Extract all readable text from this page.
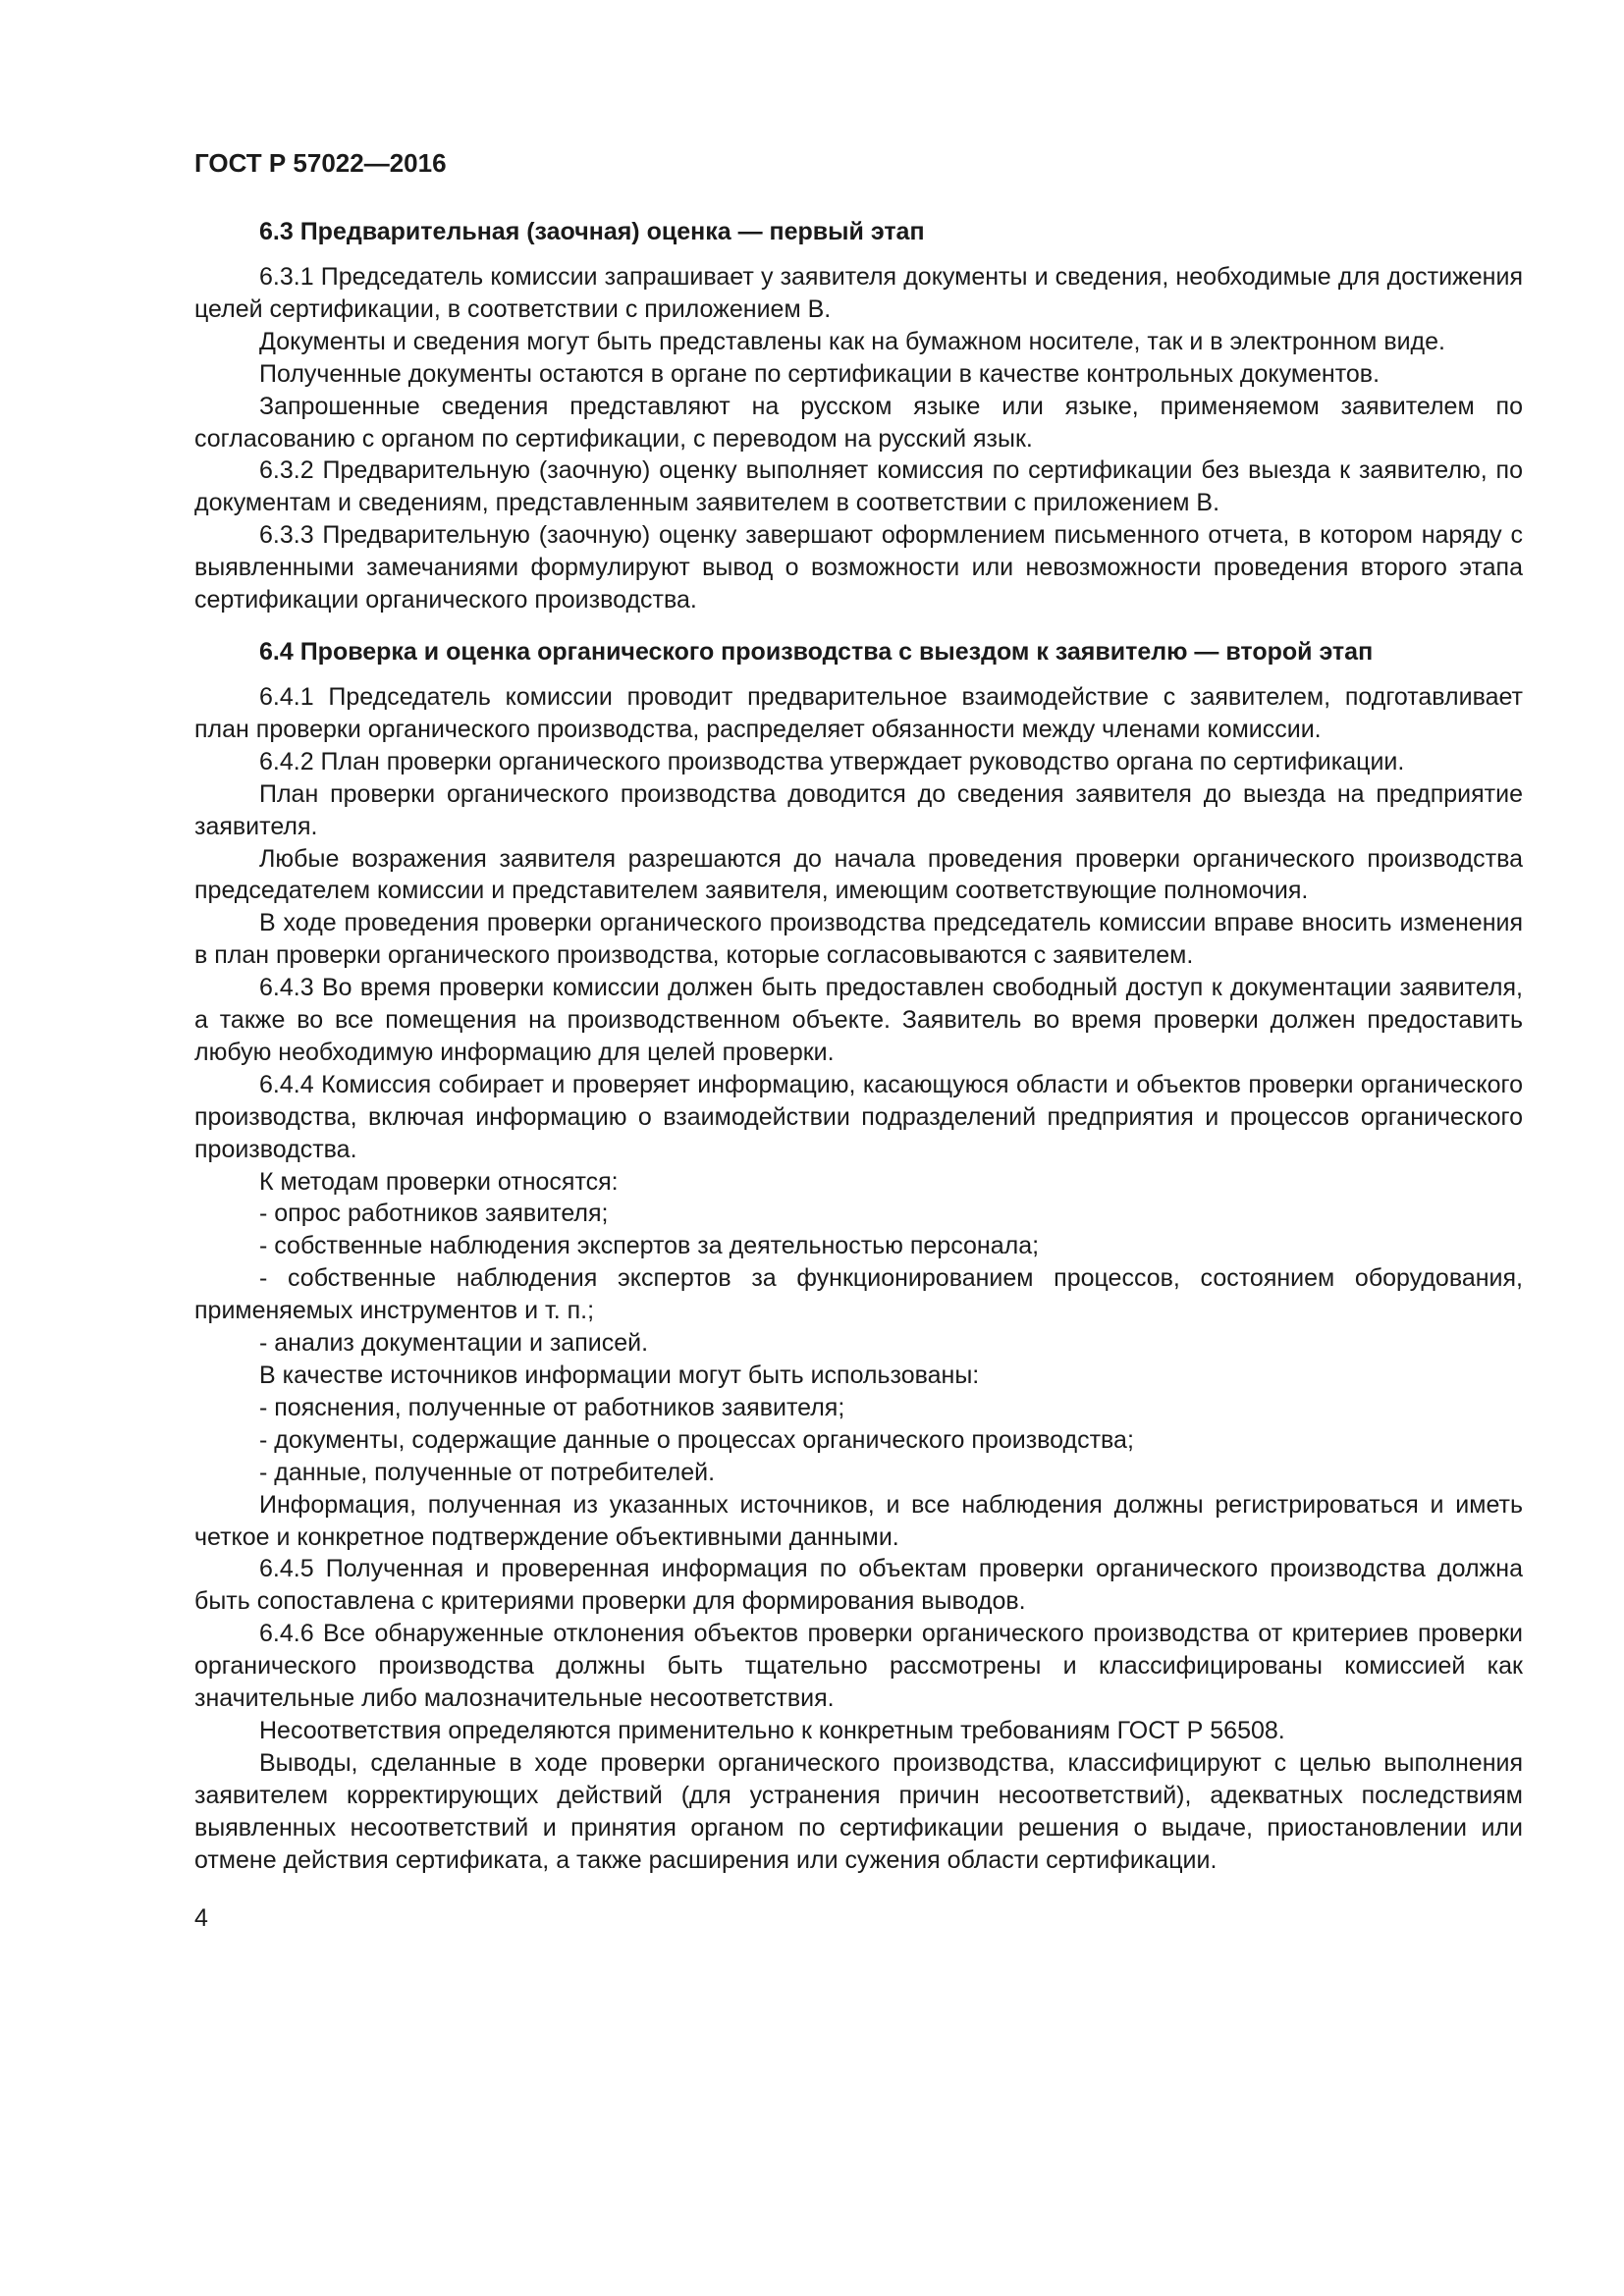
ГОСТ Р 57022—2016
6.3 Предварительная (заочная) оценка — первый этап

6.3.1 Председатель комиссии запрашивает у заявителя документы и сведения, необходимые для достижения целей сертификации, в соответствии с приложением В.

Документы и сведения могут быть представлены как на бумажном носителе, так и в электронном виде.

Полученные документы остаются в органе по сертификации в качестве контрольных документов.

Запрошенные сведения представляют на русском языке или языке, применяемом заявителем по согласованию с органом по сертификации, с переводом на русский язык.

6.3.2 Предварительную (заочную) оценку выполняет комиссия по сертификации без выезда к заявителю, по документам и сведениям, представленным заявителем в соответствии с приложением В.

6.3.3 Предварительную (заочную) оценку завершают оформлением письменного отчета, в котором наряду с выявленными замечаниями формулируют вывод о возможности или невозможности проведения второго этапа сертификации органического производства.

6.4 Проверка и оценка органического производства с выездом к заявителю — второй этап

6.4.1 Председатель комиссии проводит предварительное взаимодействие с заявителем, подготавливает план проверки органического производства, распределяет обязанности между членами комиссии.

6.4.2 План проверки органического производства утверждает руководство органа по сертификации.

План проверки органического производства доводится до сведения заявителя до выезда на предприятие заявителя.

Любые возражения заявителя разрешаются до начала проведения проверки органического производства председателем комиссии и представителем заявителя, имеющим соответствующие полномочия.

В ходе проведения проверки органического производства председатель комиссии вправе вносить изменения в план проверки органического производства, которые согласовываются с заявителем.

6.4.3 Во время проверки комиссии должен быть предоставлен свободный доступ к документации заявителя, а также во все помещения на производственном объекте. Заявитель во время проверки должен предоставить любую необходимую информацию для целей проверки.

6.4.4 Комиссия собирает и проверяет информацию, касающуюся области и объектов проверки органического производства, включая информацию о взаимодействии подразделений предприятия и процессов органического производства.

К методам проверки относятся:

- опрос работников заявителя;

- собственные наблюдения экспертов за деятельностью персонала;

- собственные наблюдения экспертов за функционированием процессов, состоянием оборудования, применяемых инструментов и т. п.;

- анализ документации и записей.

В качестве источников информации могут быть использованы:

- пояснения, полученные от работников заявителя;

- документы, содержащие данные о процессах органического производства;

- данные, полученные от потребителей.

Информация, полученная из указанных источников, и все наблюдения должны регистрироваться и иметь четкое и конкретное подтверждение объективными данными.

6.4.5 Полученная и проверенная информация по объектам проверки органического производства должна быть сопоставлена с критериями проверки для формирования выводов.

6.4.6 Все обнаруженные отклонения объектов проверки органического производства от критериев проверки органического производства должны быть тщательно рассмотрены и классифицированы комиссией как значительные либо малозначительные несоответствия.

Несоответствия определяются применительно к конкретным требованиям ГОСТ Р 56508.

Выводы, сделанные в ходе проверки органического производства, классифицируют с целью выполнения заявителем корректирующих действий (для устранения причин несоответствий), адекватных последствиям выявленных несоответствий и принятия органом по сертификации решения о выдаче, приостановлении или отмене действия сертификата, а также расширения или сужения области сертификации.

4
